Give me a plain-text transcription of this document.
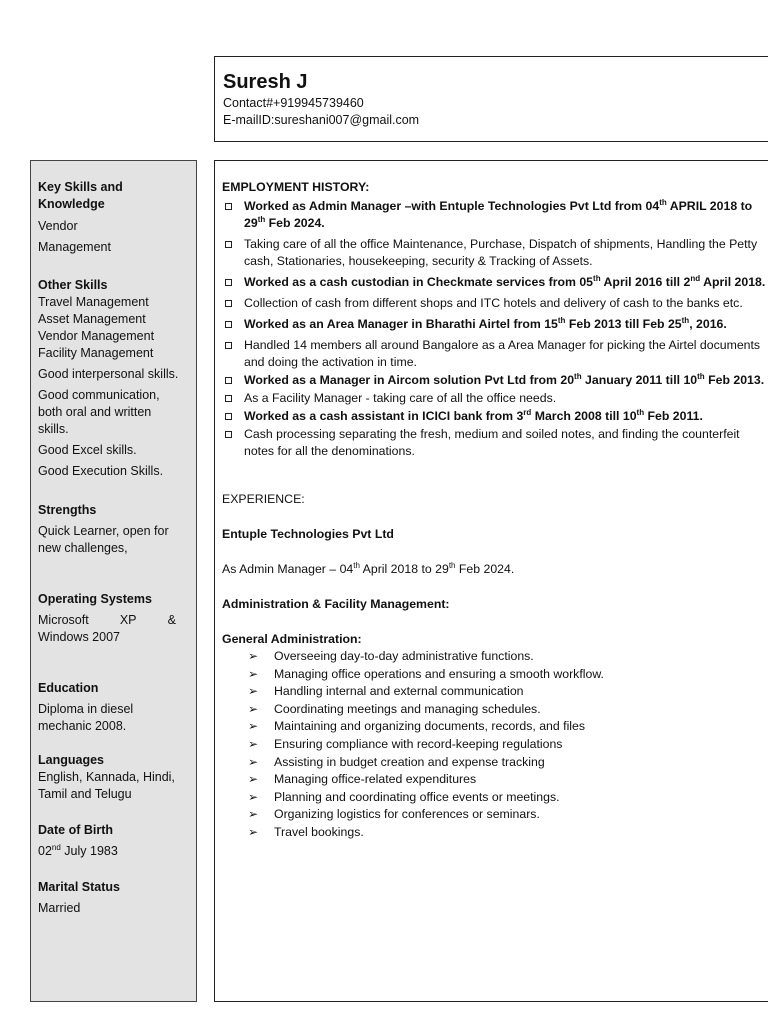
Suresh J
Contact#+919945739460
E-mailID:sureshani007@gmail.com
Key Skills and
Knowledge
Vendor
Management
Other Skills
Travel Management
Asset Management
Vendor Management
Facility Management
Good interpersonal skills.
Good communication,
both oral and written
skills.
Good Excel skills.
Good Execution Skills.
Strengths
Quick Learner, open for
new challenges,
Operating Systems
Microsoft XP &
Windows 2007
Education
Diploma in diesel
mechanic 2008.
Languages
English, Kannada, Hindi,
Tamil and Telugu
Date of Birth
02nd July 1983
Marital Status
Married
EMPLOYMENT HISTORY:
Worked as Admin Manager –with Entuple Technologies Pvt Ltd from 04th APRIL 2018 to 29th Feb 2024.
Taking care of all the office Maintenance, Purchase, Dispatch of shipments, Handling the Petty cash, Stationaries, housekeeping, security & Tracking of Assets.
Worked as a cash custodian in Checkmate services from 05th April 2016 till 2nd April 2018.
Collection of cash from different shops and ITC hotels and delivery of cash to the banks etc.
Worked as an Area Manager in Bharathi Airtel from 15th Feb 2013 till Feb 25th, 2016.
Handled 14 members all around Bangalore as a Area Manager for picking the Airtel documents and doing the activation in time.
Worked as a Manager in Aircom solution Pvt Ltd from 20th January 2011 till 10th Feb 2013.
As a Facility Manager - taking care of all the office needs.
Worked as a cash assistant in ICICI bank from 3rd March 2008 till 10th Feb 2011.
Cash processing separating the fresh, medium and soiled notes, and finding the counterfeit notes for all the denominations.
EXPERIENCE:
Entuple Technologies Pvt Ltd
As Admin Manager – 04th April 2018 to 29th Feb 2024.
Administration & Facility Management:
General Administration:
➢ Overseeing day-to-day administrative functions.
➢ Managing office operations and ensuring a smooth workflow.
➢ Handling internal and external communication
➢ Coordinating meetings and managing schedules.
➢ Maintaining and organizing documents, records, and files
➢ Ensuring compliance with record-keeping regulations
➢ Assisting in budget creation and expense tracking
➢ Managing office-related expenditures
➢ Planning and coordinating office events or meetings.
➢ Organizing logistics for conferences or seminars.
➢ Travel bookings.
